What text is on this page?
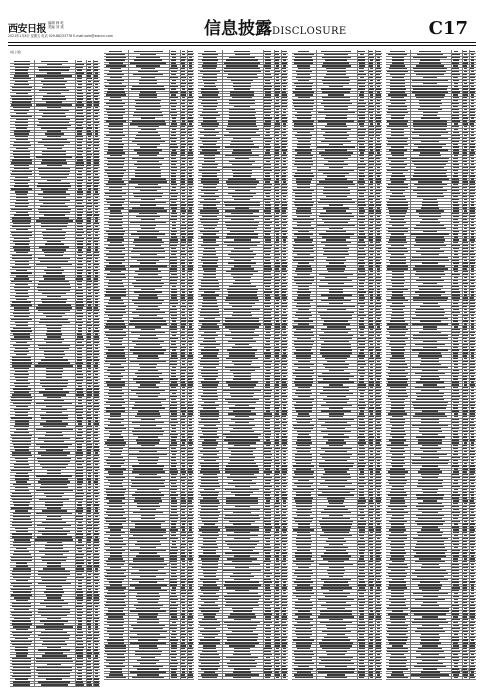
西安日报
编辑 韩 屹
美编 刘 欢
2021年1月8日 星期五 电话 029-86233776 E-mail:xarb@xiancn.com	信息披露DISCLOSURE	C17
(接上版)
(下转C18版)
